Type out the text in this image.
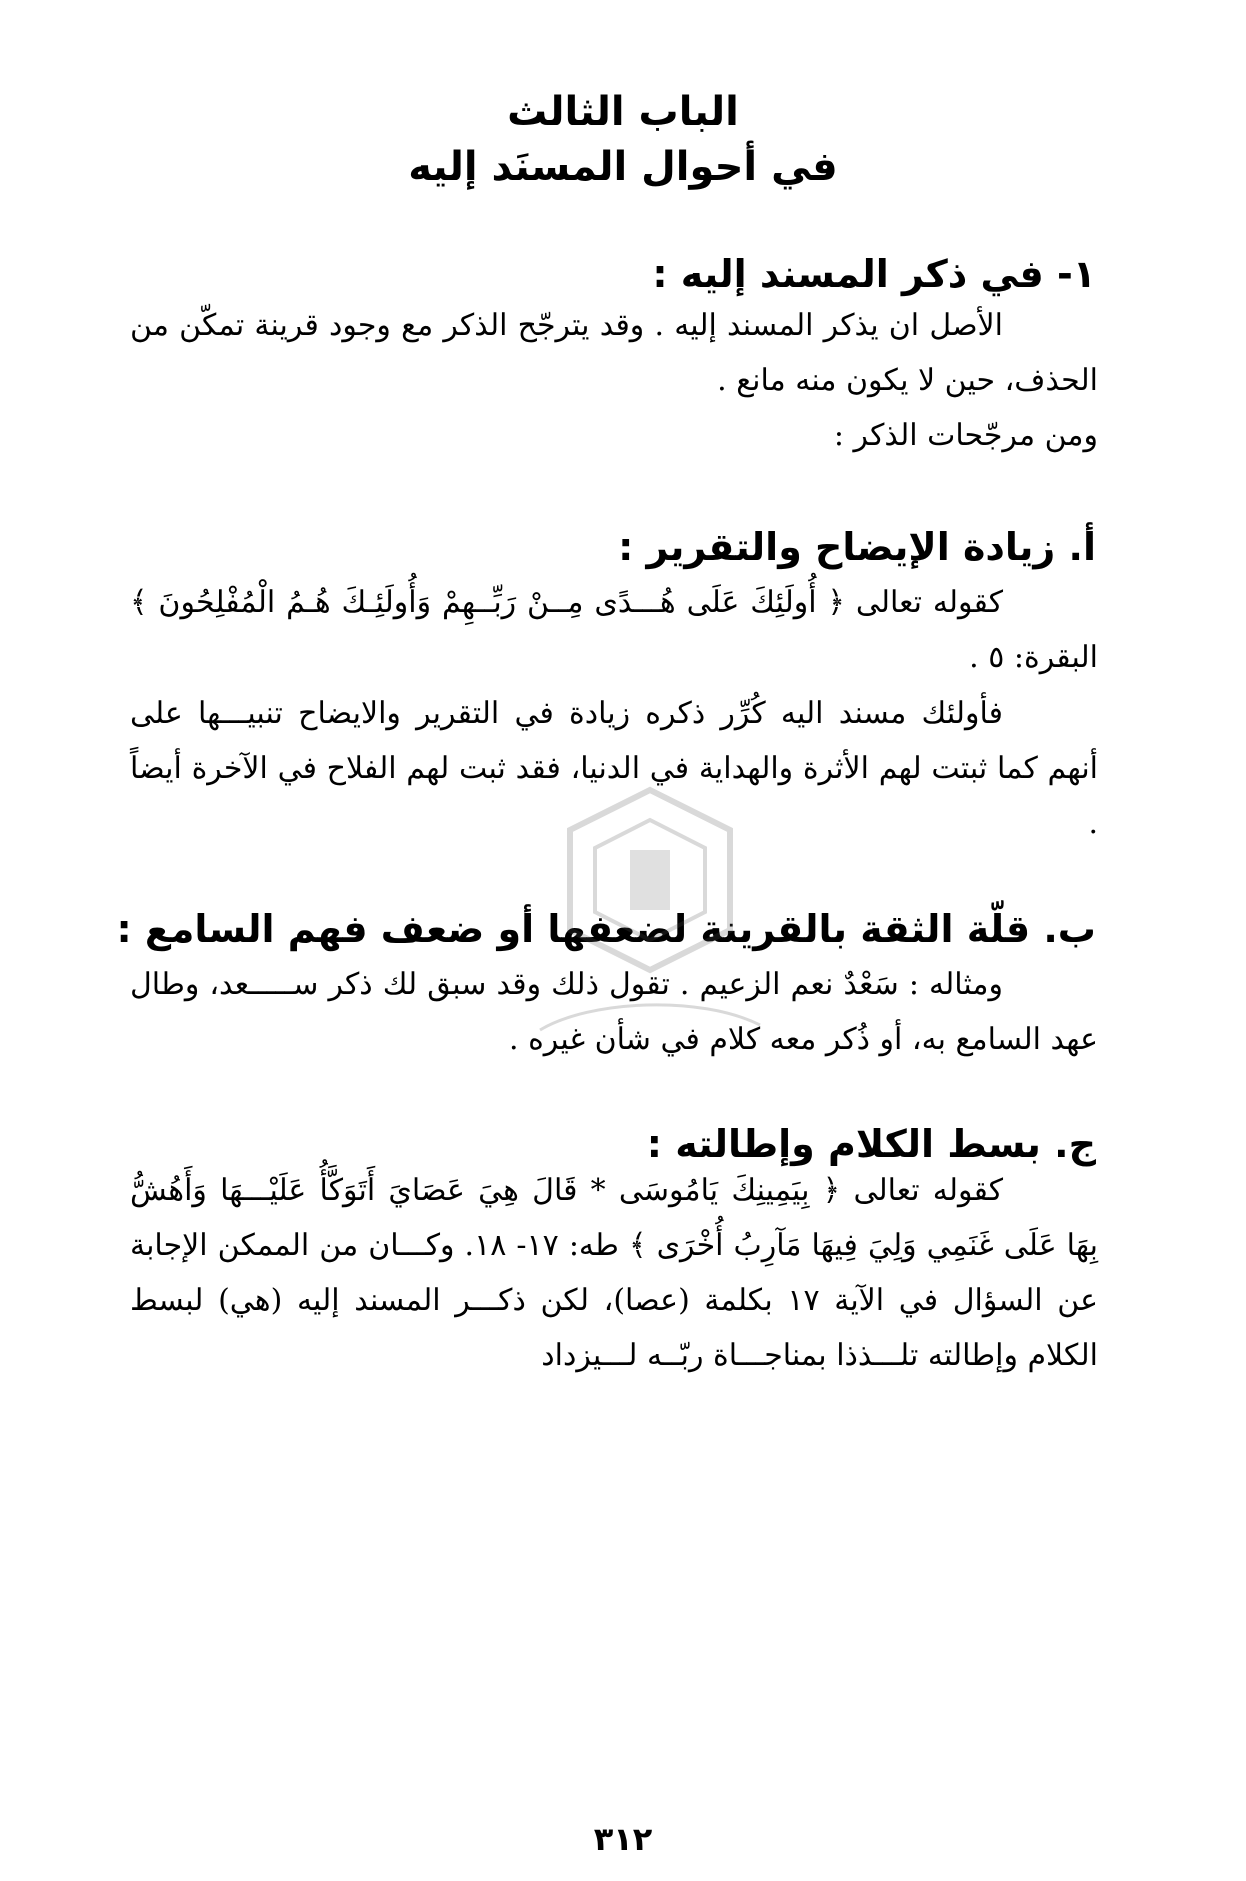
الباب الثالث
في أحوال المسنَد إليه
١- في ذكر المسند إليه :

الأصل ان يذكر المسند إليه . وقد يترجّح الذكر مع وجود قرينة تمكّن من الحذف، حين لا يكون منه مانع .

ومن مرجّحات الذكر :

أ. زيادة الإيضاح والتقرير :

كقوله تعالى ﴿ أُولَئِكَ عَلَى هُـــدًى مِــنْ رَبِّــهِمْ وَأُولَئِـكَ هُـمُ الْمُفْلِحُونَ ﴾ البقرة: ٥ .

فأولئك مسند اليه كُرِّر ذكره زيادة في التقرير والايضاح تنبيـــها على أنهم كما ثبتت لهم الأثرة والهداية في الدنيا، فقد ثبت لهم الفلاح في الآخرة أيضاً .

ب. قلّة الثقة بالقرينة لضعفها أو ضعف فهم السامع :

ومثاله : سَعْدٌ نعم الزعيم . تقول ذلك وقد سبق لك ذكر ســـــعد، وطال عهد السامع به، أو ذُكر معه كلام في شأن غيره .

ج. بسط الكلام وإطالته :

كقوله تعالى ﴿ بِيَمِينِكَ يَامُوسَى * قَالَ هِيَ عَصَايَ أَتَوَكَّأُ عَلَيْـــهَا وَأَهُشُّ بِهَا عَلَى غَنَمِي وَلِيَ فِيهَا مَآرِبُ أُخْرَى ﴾ طه: ١٧- ١٨. وكـــان من الممكن الإجابة عن السؤال في الآية ١٧ بكلمة (عصا)، لكن ذكـــر المسند إليه (هي) لبسط الكلام وإطالته تلـــذذا بمناجـــاة ربّــه لـــيزداد

٣١٢
